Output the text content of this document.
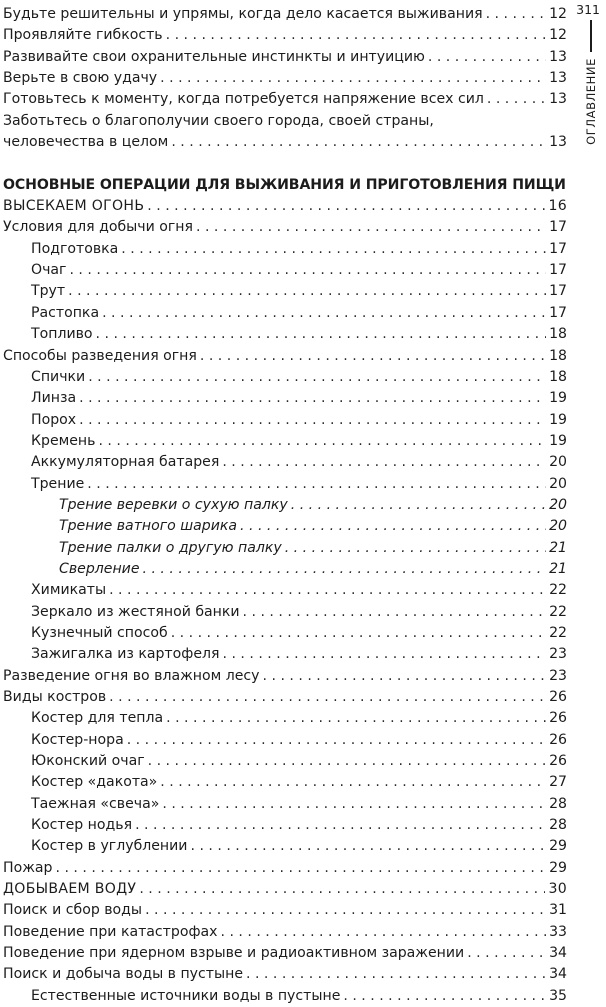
311
ОГЛАВЛЕНИЕ
Будьте решительны и упрямы, когда дело касается выживания . . .	12
Проявляйте гибкость . . .	12
Развивайте свои охранительные инстинкты и интуицию . . .	13
Верьте в свою удачу . . .	13
Готовьтесь к моменту, когда потребуется напряжение всех сил . . .	13
Заботьтесь о благополучии своего города, своей страны,
человечества в целом . . .	13
ОСНОВНЫЕ ОПЕРАЦИИ ДЛЯ ВЫЖИВАНИЯ И ПРИГОТОВЛЕНИЯ ПИЩИ
ВЫСЕКАЕМ ОГОНЬ . . .	16
Условия для добычи огня . . .	17
Подготовка . . .	17
Очаг . . .	17
Трут . . .	17
Растопка . . .	17
Топливо . . .	18
Способы разведения огня . . .	18
Спички . . .	18
Линза . . .	19
Порох . . .	19
Кремень . . .	19
Аккумуляторная батарея . . .	20
Трение . . .	20
Трение веревки о сухую палку . . .	20
Трение ватного шарика . . .	20
Трение палки о другую палку . . .	21
Сверление . . .	21
Химикаты . . .	22
Зеркало из жестяной банки . . .	22
Кузнечный способ . . .	22
Зажигалка из картофеля . . .	23
Разведение огня во влажном лесу . . .	23
Виды костров . . .	26
Костер для тепла . . .	26
Костер-нора . . .	26
Юконский очаг . . .	26
Костер «дакота» . . .	27
Таежная «свеча» . . .	28
Костер нодья . . .	28
Костер в углублении . . .	29
Пожар . . .	29
ДОБЫВАЕМ ВОДУ . . .	30
Поиск и сбор воды . . .	31
Поведение при катастрофах . . .	33
Поведение при ядерном взрыве и радиоактивном заражении . . .	34
Поиск и добыча воды в пустыне . . .	34
Естественные источники воды в пустыне . . .	35
